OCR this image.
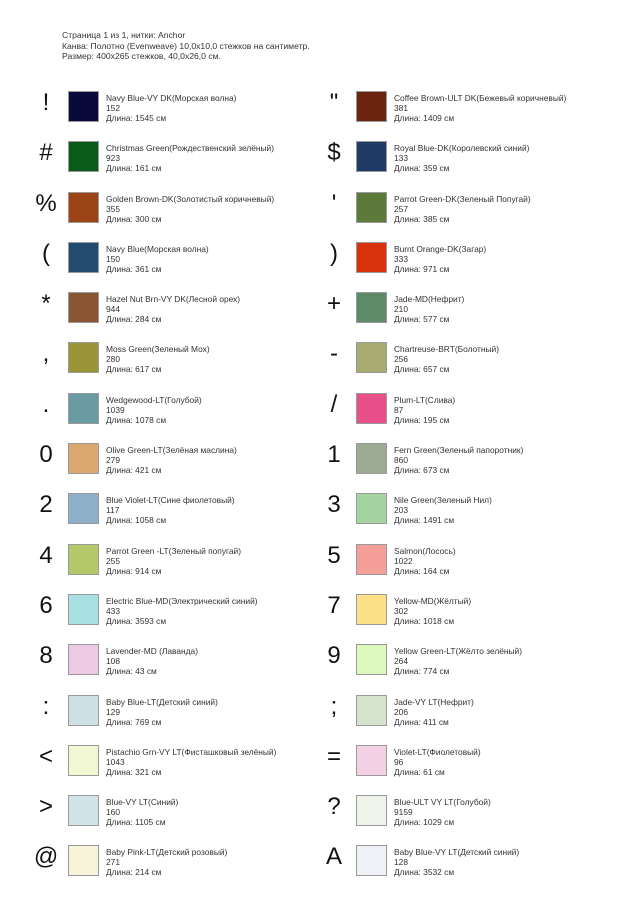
Страница 1 из 1, нитки: Anchor
Канва: Полотно (Evenweave) 10,0x10,0 стежков на сантиметр.
Размер: 400x265 стежков, 40,0x26,0 см.
!	Navy Blue-VY DK(Морская волна)
152
Длина: 1545 см
"	Coffee Brown-ULT DK(Бежевый коричневый)
381
Длина: 1409 см
#	Christmas Green(Рождественский зелёный)
923
Длина: 161 см
$	Royal Blue-DK(Королевский синий)
133
Длина: 359 см
%	Golden Brown-DK(Золотистый коричневый)
355
Длина: 300 см
'	Parrot Green-DK(Зеленый Попугай)
257
Длина: 385 см
(	Navy Blue(Морская волна)
150
Длина: 361 см
)	Burnt Orange-DK(Загар)
333
Длина: 971 см
*	Hazel Nut Brn-VY DK(Лесной орех)
944
Длина: 284 см
+	Jade-MD(Нефрит)
210
Длина: 577 см
,	Moss Green(Зеленый Мох)
280
Длина: 617 см
-	Chartreuse-BRT(Болотный)
256
Длина: 657 см
.	Wedgewood-LT(Голубой)
1039
Длина: 1078 см
/	Plum-LT(Слива)
87
Длина: 195 см
0	Olive Green-LT(Зелёная маслина)
279
Длина: 421 см
1	Fern Green(Зеленый папоротник)
860
Длина: 673 см
2	Blue Violet-LT(Сине фиолетовый)
117
Длина: 1058 см
3	Nile Green(Зеленый Нил)
203
Длина: 1491 см
4	Parrot Green -LT(Зеленый попугай)
255
Длина: 914 см
5	Salmon(Лосось)
1022
Длина: 164 см
6	Electric Blue-MD(Электрический синий)
433
Длина: 3593 см
7	Yellow-MD(Жёлтый)
302
Длина: 1018 см
8	Lavender-MD (Лаванда)
108
Длина: 43 см
9	Yellow Green-LT(Жёлто зелёный)
264
Длина: 774 см
:	Baby Blue-LT(Детский синий)
129
Длина: 769 см
;	Jade-VY LT(Нефрит)
206
Длина: 411 см
<	Pistachio Grn-VY LT(Фисташковый зелёный)
1043
Длина: 321 см
=	Violet-LT(Фиолетовый)
96
Длина: 61 см
>	Blue-VY LT(Синий)
160
Длина: 1105 см
?	Blue-ULT VY LT(Голубой)
9159
Длина: 1029 см
@	Baby Pink-LT(Детский розовый)
271
Длина: 214 см
A	Baby Blue-VY LT(Детский синий)
128
Длина: 3532 см
